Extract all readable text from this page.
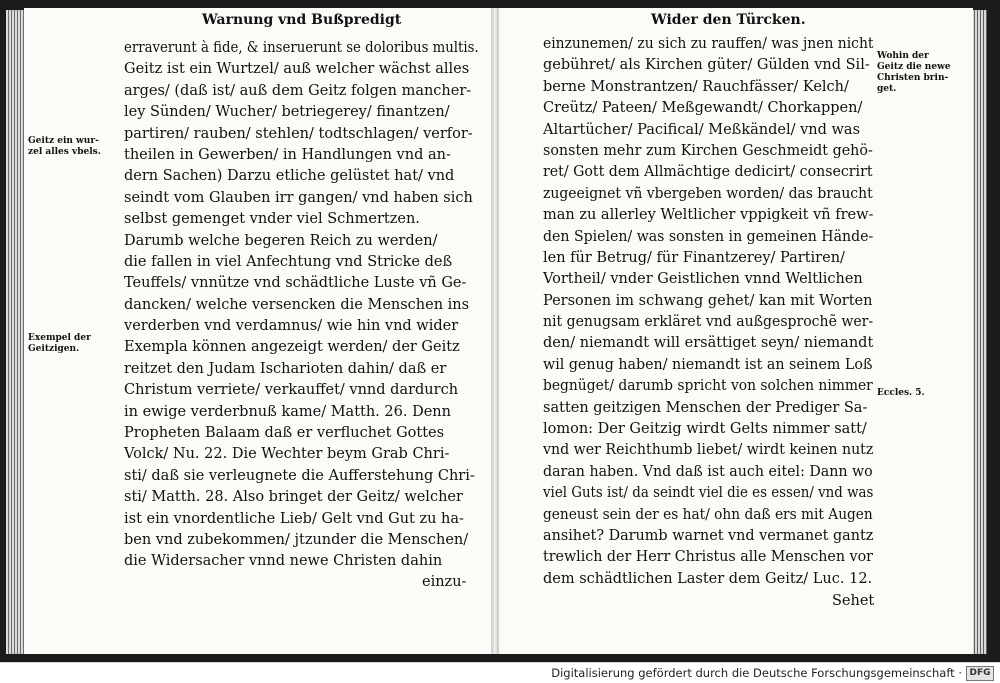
Warnung vnd Bußpredigt
Geitz ein wur-
zel alles vbels.
Exempel der
Geitzigen.
erraverunt à fide, & inseruerunt se doloribus multis.
Geitz ist ein Wurtzel/ auß welcher wächst alles
arges/ (daß ist/ auß dem Geitz folgen mancher-
ley Sünden/ Wucher/ betriegerey/ finantzen/
partiren/ rauben/ stehlen/ todtschlagen/ verfor-
theilen in Gewerben/ in Handlungen vnd an-
dern Sachen) Darzu etliche gelüstet hat/ vnd
seindt vom Glauben irr gangen/ vnd haben sich
selbst gemenget vnder viel Schmertzen.
Darumb welche begeren Reich zu werden/
die fallen in viel Anfechtung vnd Stricke deß
Teuffels/ vnnütze vnd schädtliche Luste vñ Ge-
dancken/ welche versencken die Menschen ins
verderben vnd verdamnus/ wie hin vnd wider
Exempla können angezeigt werden/ der Geitz
reitzet den Judam Ischarioten dahin/ daß er
Christum verriete/ verkauffet/ vnnd dardurch
in ewige verderbnuß kame/ Matth. 26. Denn
Propheten Balaam daß er verfluchet Gottes
Volck/ Nu. 22. Die Wechter beym Grab Chri-
sti/ daß sie verleugnete die Aufferstehung Chri-
sti/ Matth. 28. Also bringet der Geitz/ welcher
ist ein vnordentliche Lieb/ Gelt vnd Gut zu ha-
ben vnd zubekommen/ jtzunder die Menschen/
die Widersacher vnnd newe Christen dahin
einzu-
Wider den Türcken.
Wohin der
Geitz die newe
Christen brin-
get.
Eccles. 5.
einzunemen/ zu sich zu rauffen/ was jnen nicht
gebühret/ als Kirchen güter/ Gülden vnd Sil-
berne Monstrantzen/ Rauchfässer/ Kelch/
Creütz/ Pateen/ Meßgewandt/ Chorkappen/
Altartücher/ Pacifical/ Meßkändel/ vnd was
sonsten mehr zum Kirchen Geschmeidt gehö-
ret/ Gott dem Allmächtige dedicirt/ consecrirt
zugeeignet vñ vbergeben worden/ das braucht
man zu allerley Weltlicher vppigkeit vñ frew-
den Spielen/ was sonsten in gemeinen Hände-
len für Betrug/ für Finantzerey/ Partiren/
Vortheil/ vnder Geistlichen vnnd Weltlichen
Personen im schwang gehet/ kan mit Worten
nit genugsam erkläret vnd außgesprochẽ wer-
den/ niemandt will ersättiget seyn/ niemandt
wil genug haben/ niemandt ist an seinem Loß
begnüget/ darumb spricht von solchen nimmer
satten geitzigen Menschen der Prediger Sa-
lomon: Der Geitzig wirdt Gelts nimmer satt/
vnd wer Reichthumb liebet/ wirdt keinen nutz
daran haben. Vnd daß ist auch eitel: Dann wo
viel Guts ist/ da seindt viel die es essen/ vnd was
geneust sein der es hat/ ohn daß ers mit Augen
ansihet? Darumb warnet vnd vermanet gantz
trewlich der Herr Christus alle Menschen vor
dem schädtlichen Laster dem Geitz/ Luc. 12.
Sehet
Digitalisierung gefördert durch die Deutsche Forschungsgemeinschaft · DFG
